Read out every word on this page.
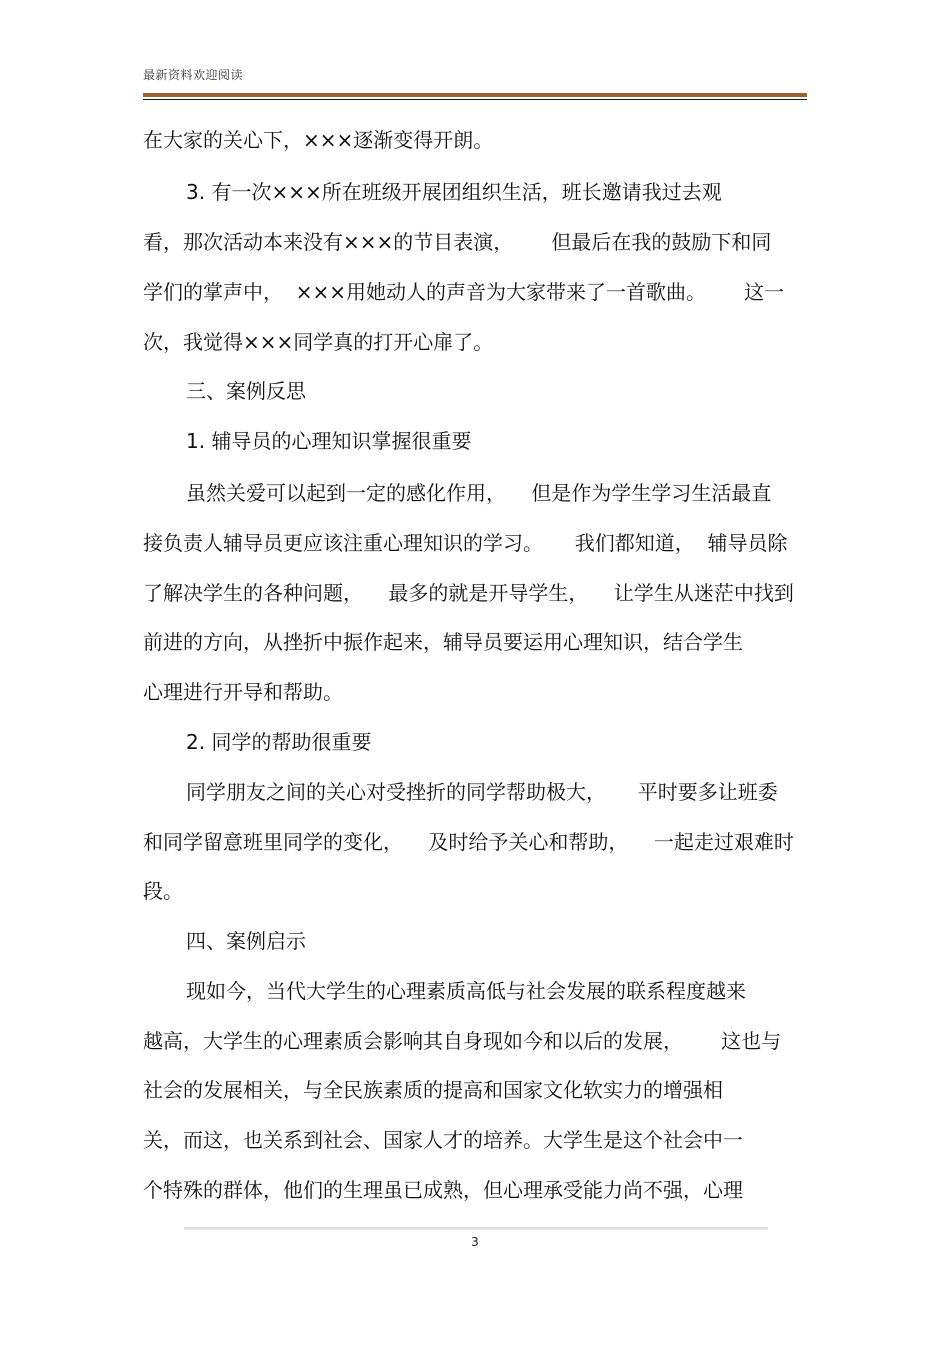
最新资料欢迎阅读
在大家的关心下，×××逐渐变得开朗。
3. 有一次×××所在班级开展团组织生活，班长邀请我过去观
看，那次活动本来没有×××的节目表演，      但最后在我的鼓励下和同
学们的掌声中，  ×××用她动人的声音为大家带来了一首歌曲。      这一
次，我觉得×××同学真的打开心扉了。
三、案例反思
1. 辅导员的心理知识掌握很重要
虽然关爱可以起到一定的感化作用，    但是作为学生学习生活最直
接负责人辅导员更应该注重心理知识的学习。     我们都知道，  辅导员除
了解决学生的各种问题，    最多的就是开导学生，    让学生从迷茫中找到
前进的方向，从挫折中振作起来，辅导员要运用心理知识，结合学生
心理进行开导和帮助。
2. 同学的帮助很重要
同学朋友之间的关心对受挫折的同学帮助极大，     平时要多让班委
和同学留意班里同学的变化，    及时给予关心和帮助，    一起走过艰难时
段。
四、案例启示
现如今，当代大学生的心理素质高低与社会发展的联系程度越来
越高，大学生的心理素质会影响其自身现如今和以后的发展，      这也与
社会的发展相关，与全民族素质的提高和国家文化软实力的增强相
关，而这，也关系到社会、国家人才的培养。大学生是这个社会中一
个特殊的群体，他们的生理虽已成熟，但心理承受能力尚不强，心理
3
